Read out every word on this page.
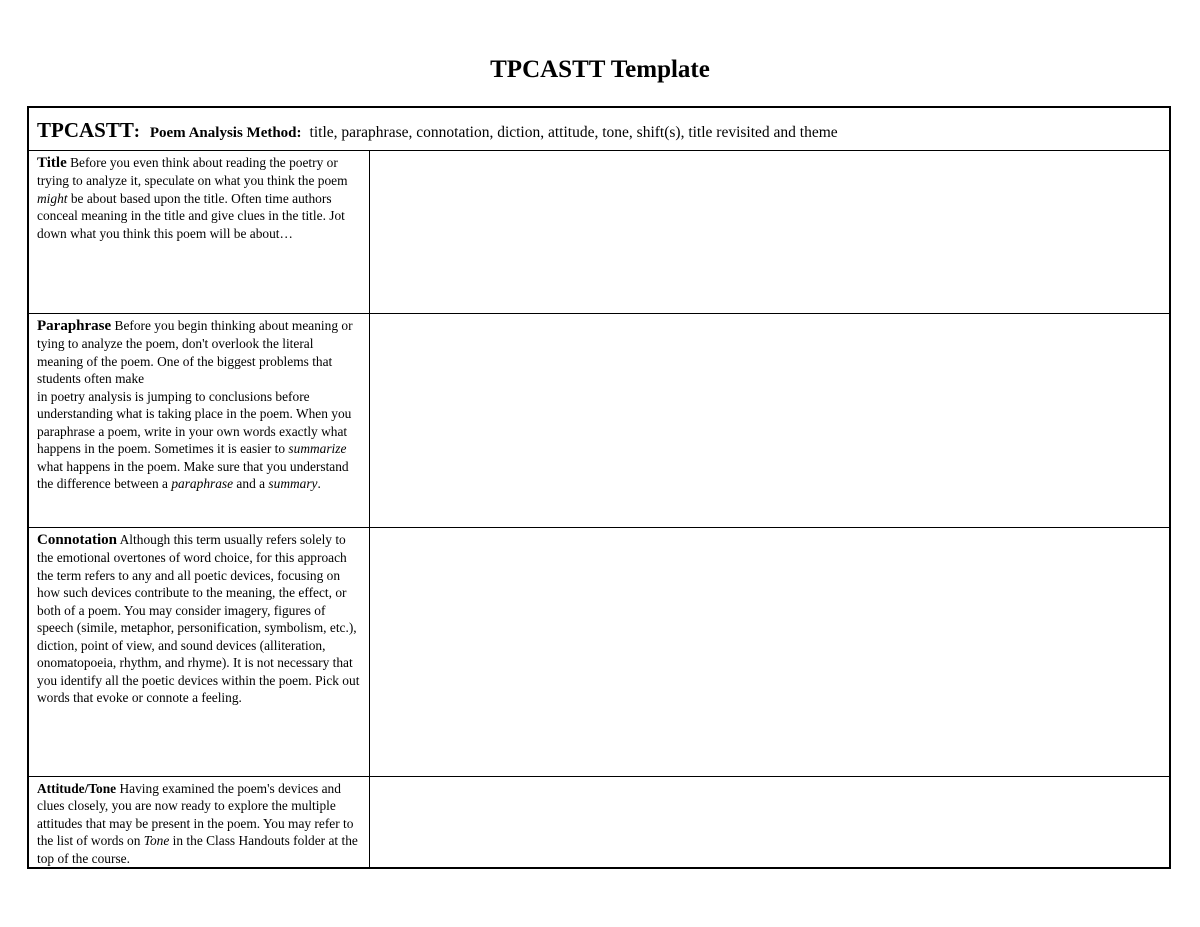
TPCASTT Template
TPCASTT: Poem Analysis Method: title, paraphrase, connotation, diction, attitude, tone, shift(s), title revisited and theme	
Title Before you even think about reading the poetry or trying to analyze it, speculate on what you think the poem might be about based upon the title. Often time authors conceal meaning in the title and give clues in the title. Jot down what you think this poem will be about…	
Paraphrase Before you begin thinking about meaning or tying to analyze the poem, don't overlook the literal meaning of the poem. One of the biggest problems that students often make
in poetry analysis is jumping to conclusions before understanding what is taking place in the poem. When you paraphrase a poem, write in your own words exactly what happens in the poem. Sometimes it is easier to summarize what happens in the poem. Make sure that you understand the difference between a paraphrase and a summary.	
Connotation Although this term usually refers solely to the emotional overtones of word choice, for this approach the term refers to any and all poetic devices, focusing on how such devices contribute to the meaning, the effect, or both of a poem. You may consider imagery, figures of speech (simile, metaphor, personification, symbolism, etc.), diction, point of view, and sound devices (alliteration, onomatopoeia, rhythm, and rhyme). It is not necessary that you identify all the poetic devices within the poem. Pick out words that evoke or connote a feeling.	
Attitude/Tone Having examined the poem's devices and clues closely, you are now ready to explore the multiple attitudes that may be present in the poem. You may refer to the list of words on Tone in the Class Handouts folder at the top of the course.	
